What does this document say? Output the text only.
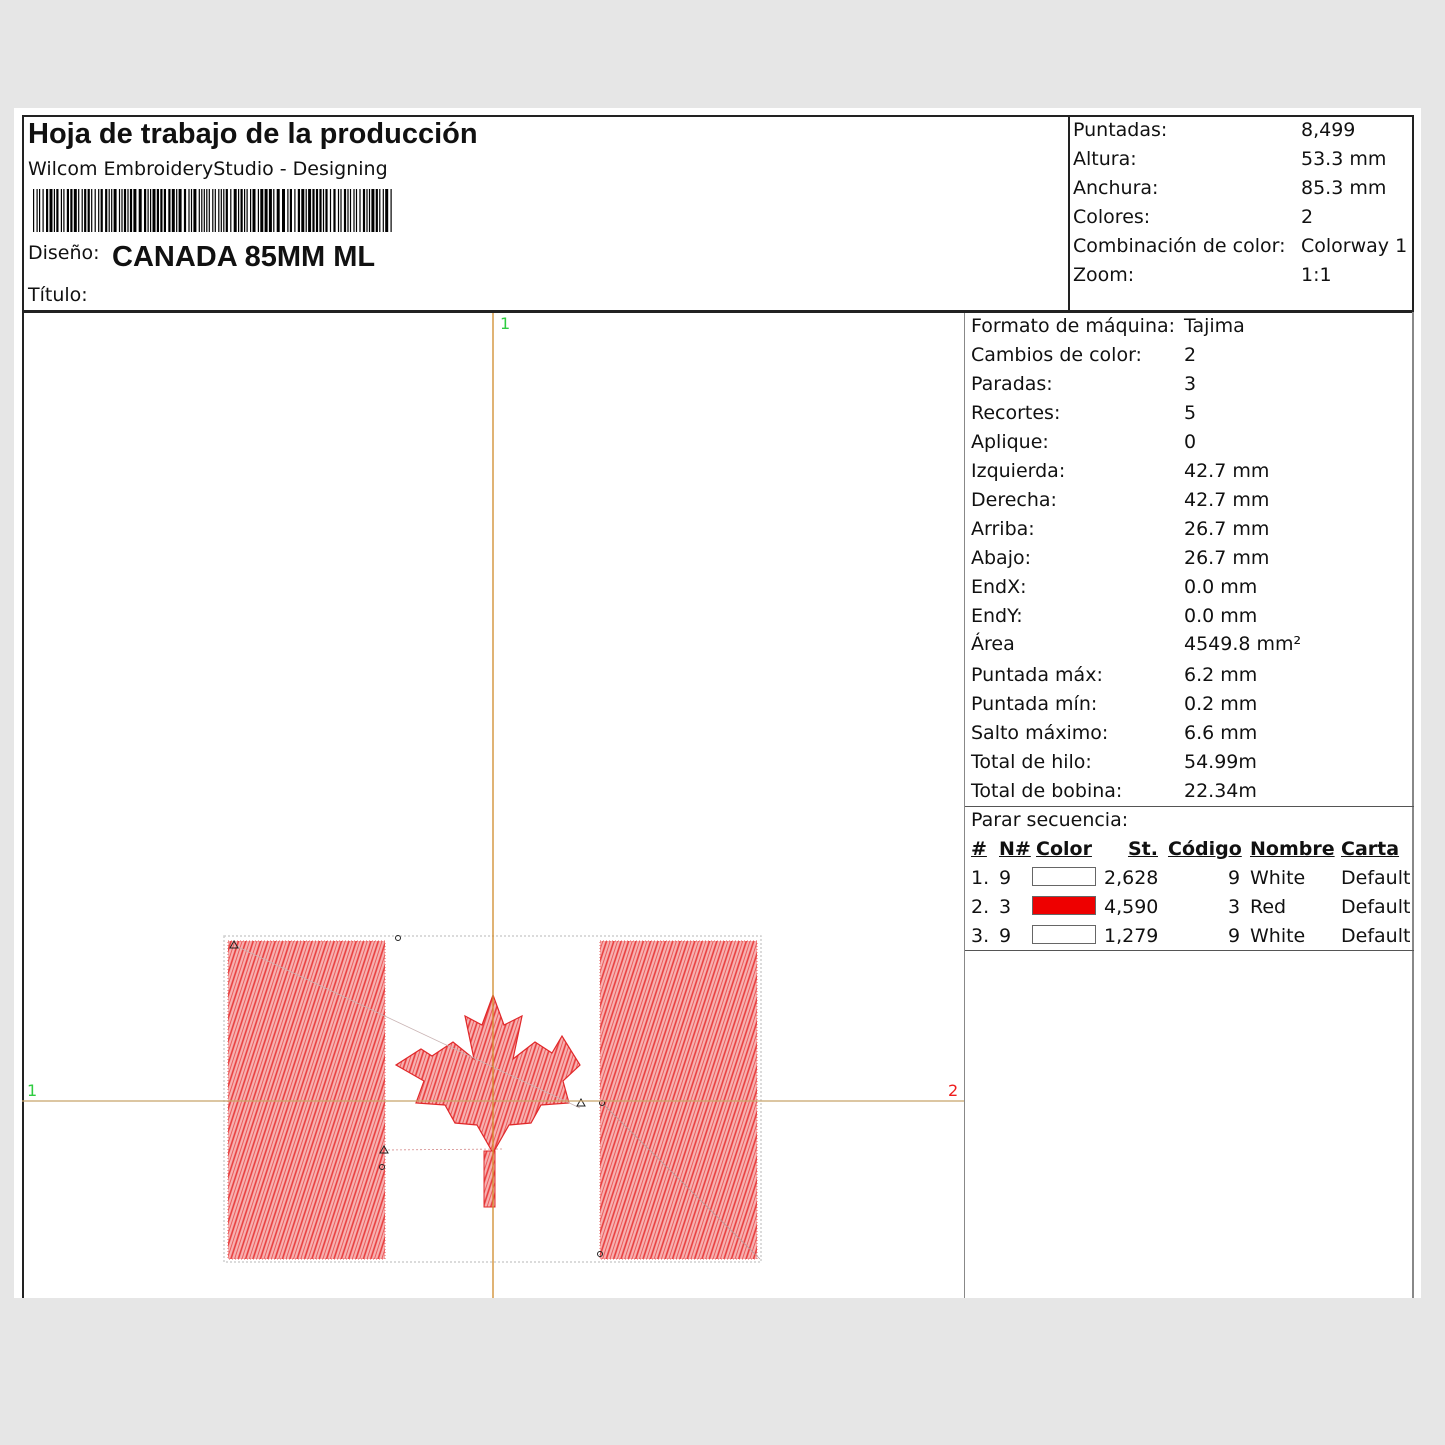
Hoja de trabajo de la producción
Wilcom EmbroideryStudio - Designing
Diseño: CANADA 85MM ML
Título:
Puntadas:	8,499
Altura:	53.3 mm
Anchura:	85.3 mm
Colores:	2
Combinación de color: Colorway 1
Zoom:	1:1
Formato de máquina: Tajima
Cambios de color: 2
Paradas:	3
Recortes:	5
Aplique:	0
Izquierda:	42.7 mm
Derecha:	42.7 mm
Arriba:	26.7 mm
Abajo:	26.7 mm
EndX:	0.0 mm
EndY:	0.0 mm
Área	4549.8 mm²
Puntada máx:	6.2 mm
Puntada mín:	0.2 mm
Salto máximo:	6.6 mm
Total de hilo:	54.99m
Total de bobina:	22.34m
Parar secuencia:
# N# Color St. Código Nombre Carta
1. 9	2,628	9 White Default
2. 3	4,590	3 Red	Default
3. 9	1,279	9 White Default
1
1	2
